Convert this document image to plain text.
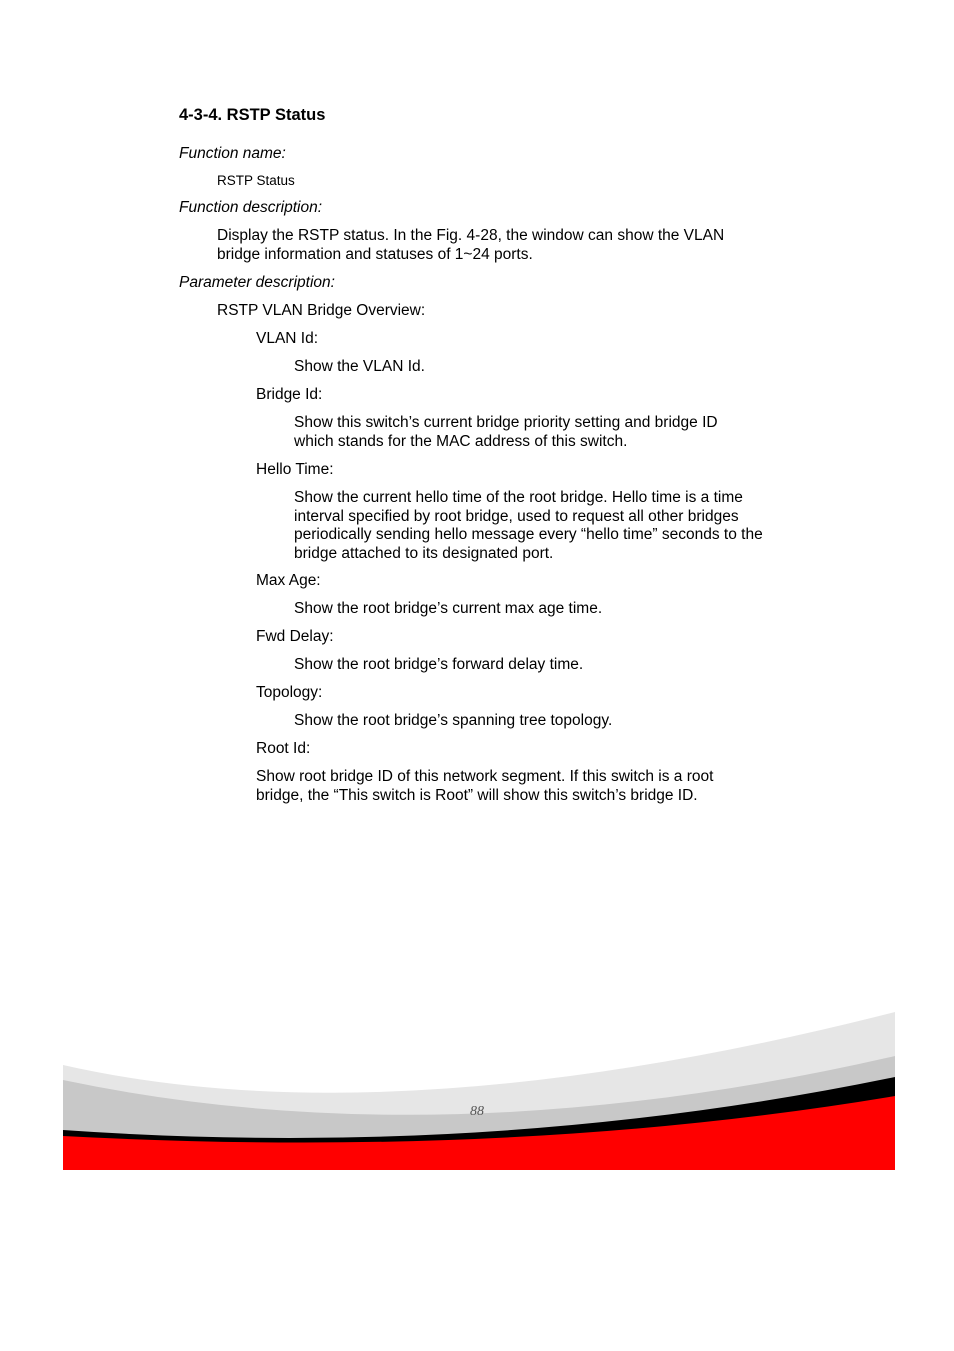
4-3-4. RSTP Status

Function name:

RSTP Status

Function description:

Display the RSTP status. In the Fig. 4-28, the window can show the VLAN bridge information and statuses of 1~24 ports.

Parameter description:

RSTP VLAN Bridge Overview:

VLAN Id:

Show the VLAN Id.

Bridge Id:

Show this switch’s current bridge priority setting and bridge ID which stands for the MAC address of this switch.

Hello Time:

Show the current hello time of the root bridge. Hello time is a time interval specified by root bridge, used to request all other bridges periodically sending hello message every “hello time” seconds to the bridge attached to its designated port.

Max Age:

Show the root bridge’s current max age time.

Fwd Delay:

Show the root bridge’s forward delay time.

Topology:

Show the root bridge’s spanning tree topology.

Root Id:

Show root bridge ID of this network segment. If this switch is a root bridge, the “This switch is Root” will show this switch’s bridge ID.

88
